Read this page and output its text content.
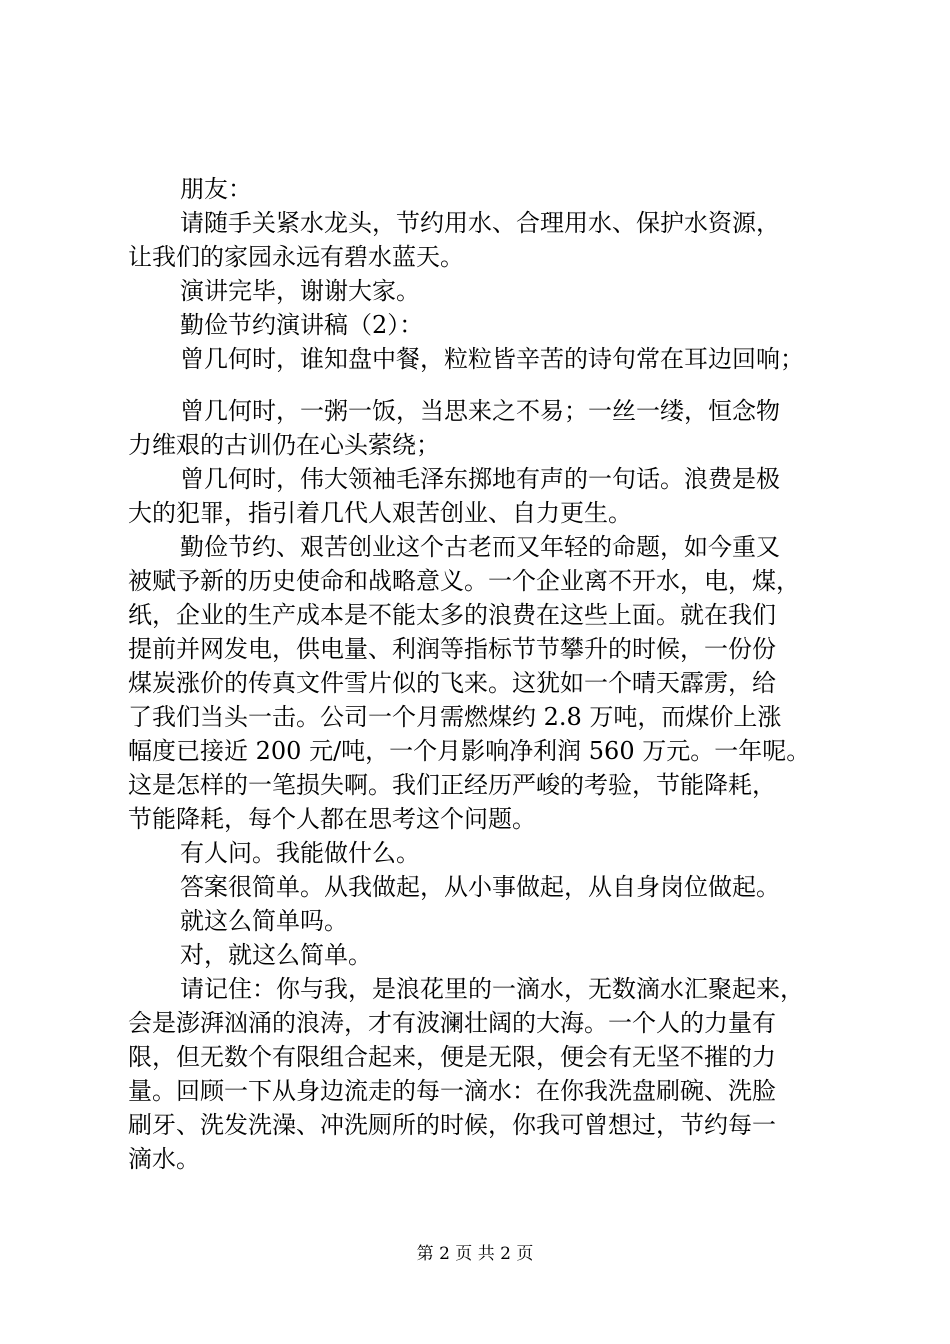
朋友：
请随手关紧水龙头，节约用水、合理用水、保护水资源，
让我们的家园永远有碧水蓝天。
演讲完毕，谢谢大家。
勤俭节约演讲稿（2）：
曾几何时，谁知盘中餐，粒粒皆辛苦的诗句常在耳边回响；
曾几何时，一粥一饭，当思来之不易；一丝一缕，恒念物
力维艰的古训仍在心头萦绕；
曾几何时，伟大领袖毛泽东掷地有声的一句话。浪费是极
大的犯罪，指引着几代人艰苦创业、自力更生。
勤俭节约、艰苦创业这个古老而又年轻的命题，如今重又
被赋予新的历史使命和战略意义。一个企业离不开水，电，煤，
纸，企业的生产成本是不能太多的浪费在这些上面。就在我们
提前并网发电，供电量、利润等指标节节攀升的时候，一份份
煤炭涨价的传真文件雪片似的飞来。这犹如一个晴天霹雳，给
了我们当头一击。公司一个月需燃煤约 2.8 万吨，而煤价上涨
幅度已接近 200 元/吨，一个月影响净利润 560 万元。一年呢。
这是怎样的一笔损失啊。我们正经历严峻的考验，节能降耗，
节能降耗，每个人都在思考这个问题。
有人问。我能做什么。
答案很简单。从我做起，从小事做起，从自身岗位做起。
就这么简单吗。
对，就这么简单。
请记住：你与我，是浪花里的一滴水，无数滴水汇聚起来，
会是澎湃汹涌的浪涛，才有波澜壮阔的大海。一个人的力量有
限，但无数个有限组合起来，便是无限，便会有无坚不摧的力
量。回顾一下从身边流走的每一滴水：在你我洗盘刷碗、洗脸
刷牙、洗发洗澡、冲洗厕所的时候，你我可曾想过，节约每一
滴水。
第 2 页 共 2 页
